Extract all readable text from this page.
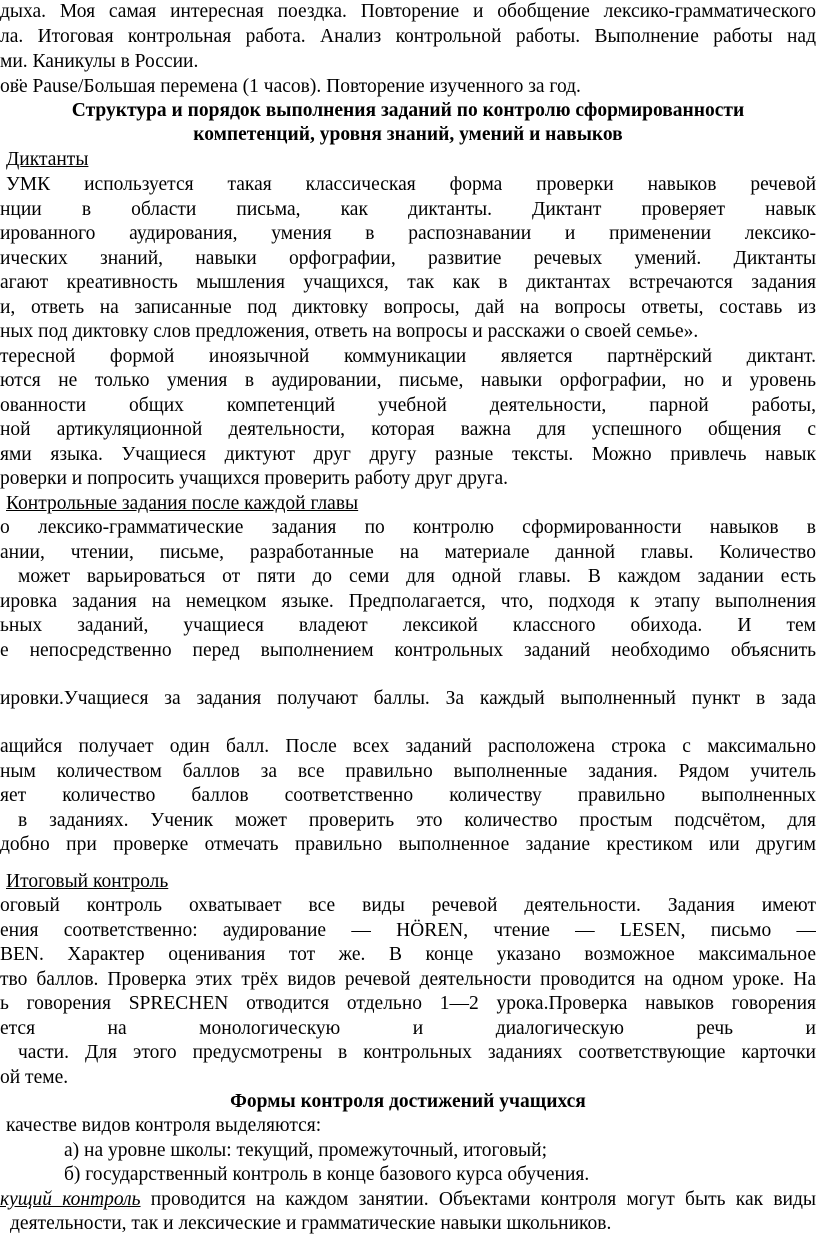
дыха. Моя самая интересная поездка. Повторение и обобщение лексико-грамматического
ла. Итоговая контрольная работа. Анализ контрольной работы. Выполнение работы над
ми. Каникулы в России.
ов̈e Pause/Большая перемена (1 часов). Повторение изученного за год.
Структура и порядок выполнения заданий по контролю сформированности
компетенций, уровня знаний, умений и навыков
Диктанты
УМК используется такая классическая форма проверки навыков речевой
нции в области письма, как диктанты. Диктант проверяет навык
ированного аудирования, умения в распознавании и применении лексико-
ических знаний, навыки орфографии, развитие речевых умений. Диктанты
агают креативность мышления учащихся, так как в диктантах встречаются задания
и, ответь на записанные под диктовку вопросы, дай на вопросы ответы, составь из
ных под диктовку слов предложения, ответь на вопросы и расскажи о своей семье».
тересной формой иноязычной коммуникации является партнёрский диктант.
ются не только умения в аудировании, письме, навыки орфографии, но и уровень
ованности общих компетенций учебной деятельности, парной работы,
ной артикуляционной деятельности, которая важна для успешного общения с
ями языка. Учащиеся диктуют друг другу разные тексты. Можно привлечь навык
роверки и попросить учащихся проверить работу друг друга.
Контрольные задания после каждой главы
о лексико-грамматические задания по контролю сформированности навыков в
ании, чтении, письме, разработанные на материале данной главы. Количество
может варьироваться от пяти до семи для одной главы. В каждом задании есть
ировка задания на немецком языке. Предполагается, что, подходя к этапу выполнения
ьных заданий, учащиеся владеют лексикой классного обихода. И тем
е непосредственно перед выполнением контрольных заданий необходимо объяснить
ировки.Учащиеся за задания получают баллы. За каждый выполненный пункт в зада
ащийся получает один балл. После всех заданий расположена строка с максимально
ным количеством баллов за все правильно выполненные задания. Рядом учитель
яет количество баллов соответственно количеству правильно выполненных
в заданиях. Ученик может проверить это количество простым подсчётом, для
добно при проверке отмечать правильно выполненное задание крестиком или другим
Итоговый контроль
оговый контроль охватывает все виды речевой деятельности. Задания имеют
ения соответственно: аудирование — HÖREN, чтение — LESEN, письмо —
BEN. Характер оценивания тот же. В конце указано возможное максимальное
тво баллов. Проверка этих трёх видов речевой деятельности проводится на одном уроке. На
ь говорения SPRECHEN отводится отдельно 1—2 урока.Проверка навыков говорения
ется на монологическую и диалогическую речь и
части. Для этого предусмотрены в контрольных заданиях соответствующие карточки
ой теме.
Формы контроля достижений учащихся
качестве видов контроля выделяются:
а) на уровне школы: текущий, промежуточный, итоговый;
б) государственный контроль в конце базового курса обучения.
кущий контроль проводится на каждом занятии. Объектами контроля могут быть как виды
деятельности, так и лексические и грамматические навыки школьников.
